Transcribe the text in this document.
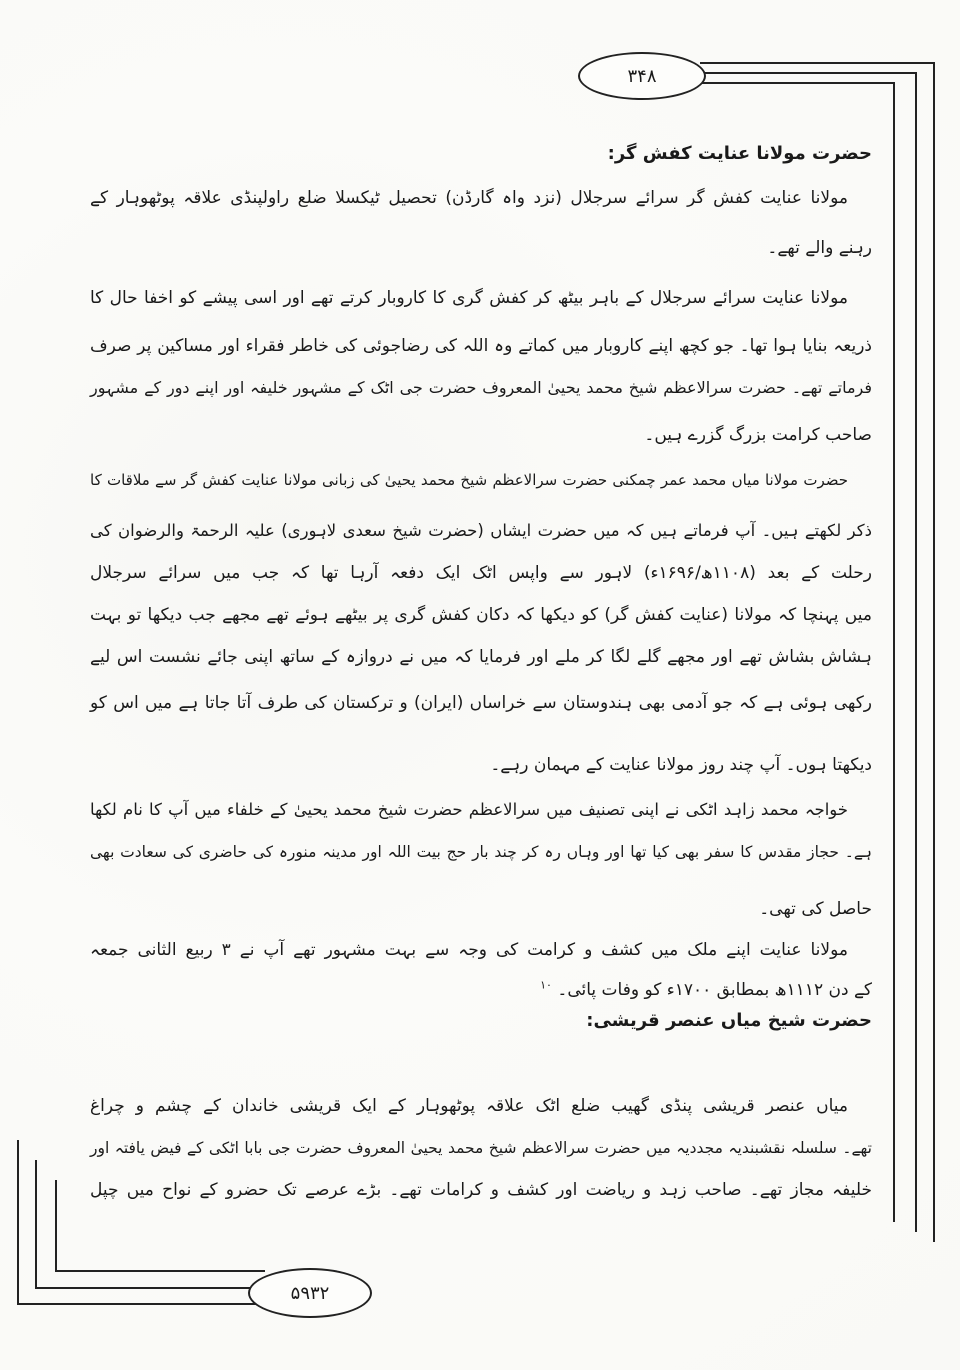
۳۴۸
۵۹۳۲
حضرت مولانا عنایت کفش گر:
مولانا عنایت کفش گر سرائے سرجلال (نزد واہ گارڈن) تحصیل ٹیکسلا ضلع راولپنڈی علاقہ پوٹھوہار کے
رہنے والے تھے۔
مولانا عنایت سرائے سرجلال کے باہر بیٹھ کر کفش گری کا کاروبار کرتے تھے اور اسی پیشے کو اخفا حال کا
ذریعہ بنایا ہوا تھا۔ جو کچھ اپنے کاروبار میں کماتے وہ اللہ کی رضاجوئی کی خاطر فقراء اور مساکین پر صرف
فرماتے تھے۔ حضرت سرالاعظم شیخ محمد یحییٰ المعروف حضرت جی اٹک کے مشہور خلیفہ اور اپنے دور کے مشہور
صاحب کرامت بزرگ گزرے ہیں۔
حضرت مولانا میاں محمد عمر چمکنی حضرت سرالاعظم شیخ محمد یحییٰ کی زبانی مولانا عنایت کفش گر سے ملاقات کا
ذکر لکھتے ہیں۔ آپ فرماتے ہیں کہ میں حضرت ایشاں (حضرت شیخ سعدی لاہوری) علیہ الرحمۃ والرضوان کی
رحلت کے بعد (۱۱۰۸ھ/۱۶۹۶ء) لاہور سے واپس اٹک ایک دفعہ آرہا تھا کہ جب میں سرائے سرجلال
میں پہنچا کہ مولانا (عنایت کفش گر) کو دیکھا کہ دکان کفش گری پر بیٹھے ہوئے تھے مجھے جب دیکھا تو بہت
ہشاش بشاش تھے اور مجھے گلے لگا کر ملے اور فرمایا کہ میں نے دروازہ کے ساتھ اپنی جائے نشست اس لیے
رکھی ہوئی ہے کہ جو آدمی بھی ہندوستان سے خراساں (ایران) و ترکستان کی طرف آتا جاتا ہے میں اس کو
دیکھتا ہوں۔ آپ چند روز مولانا عنایت کے مہمان رہے۔
خواجہ محمد زاہد اٹکی نے اپنی تصنیف میں سرالاعظم حضرت شیخ محمد یحییٰ کے خلفاء میں آپ کا نام لکھا
ہے۔ حجاز مقدس کا سفر بھی کیا تھا اور وہاں رہ کر چند بار حج بیت اللہ اور مدینہ منورہ کی حاضری کی سعادت بھی
حاصل کی تھی۔
مولانا عنایت اپنے ملک میں کشف و کرامت کی وجہ سے بہت مشہور تھے آپ نے ۳ ربیع الثانی جمعہ
کے دن ۱۱۱۲ھ بمطابق ۱۷۰۰ء کو وفات پائی۔ $^{۱۰}$
حضرت شیخ میاں عنصر قریشی:
میاں عنصر قریشی پنڈی گھیب ضلع اٹک علاقہ پوٹھوہار کے ایک قریشی خاندان کے چشم و چراغ
تھے۔ سلسلہ نقشبندیہ مجددیہ میں حضرت سرالاعظم شیخ محمد یحییٰ المعروف حضرت جی بابا اٹکی کے فیض یافتہ اور
خلیفہ مجاز تھے۔ صاحب زہد و ریاضت اور کشف و کرامات تھے۔ بڑے عرصے تک حضرو کے نواح میں چپل
